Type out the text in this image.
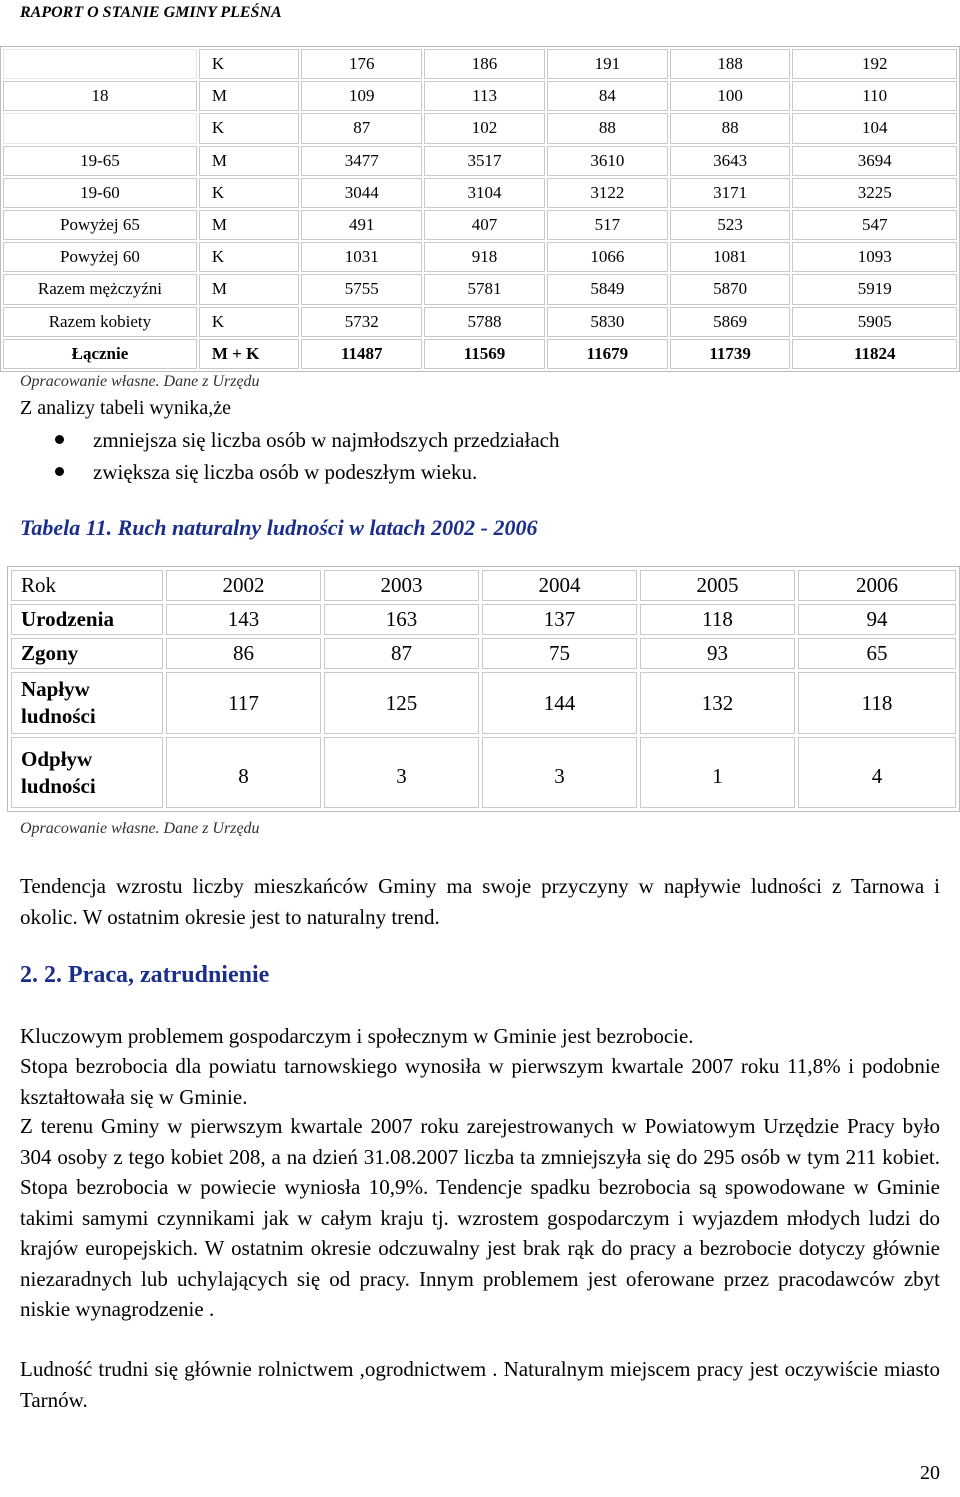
RAPORT O STANIE GMINY PLEŚNA
	K	176	186	191	188	192
18	M	109	113	84	100	110
	K	87	102	88	88	104
19-65	M	3477	3517	3610	3643	3694
19-60	K	3044	3104	3122	3171	3225
Powyżej 65	M	491	407	517	523	547
Powyżej 60	K	1031	918	1066	1081	1093
Razem mężczyźni	M	5755	5781	5849	5870	5919
Razem kobiety	K	5732	5788	5830	5869	5905
Łącznie	M + K	11487	11569	11679	11739	11824
Opracowanie własne. Dane z Urzędu
Z analizy tabeli wynika,że
zmniejsza się liczba osób w najmłodszych przedziałach
zwiększa się liczba osób w podeszłym wieku.
Tabela 11. Ruch naturalny ludności w latach 2002 - 2006
Rok	2002	2003	2004	2005	2006
Urodzenia	143	163	137	118	94
Zgony	86	87	75	93	65
Napływ ludności	117	125	144	132	118
Odpływ ludności	8	3	3	1	4
Opracowanie własne. Dane z Urzędu
Tendencja wzrostu liczby mieszkańców Gminy ma swoje przyczyny w napływie ludności z Tarnowa i okolic. W ostatnim okresie jest to naturalny trend.
2. 2. Praca, zatrudnienie
Kluczowym problemem gospodarczym i społecznym w Gminie jest bezrobocie.
Stopa bezrobocia dla powiatu tarnowskiego wynosiła w pierwszym kwartale 2007 roku 11,8% i podobnie kształtowała się w Gminie.
Z terenu Gminy w pierwszym kwartale 2007 roku zarejestrowanych w Powiatowym Urzędzie Pracy było 304 osoby z tego kobiet 208, a na dzień 31.08.2007 liczba ta zmniejszyła się do 295 osób w tym 211 kobiet. Stopa bezrobocia w powiecie wyniosła 10,9%. Tendencje spadku bezrobocia są spowodowane w Gminie takimi samymi czynnikami jak w całym kraju tj. wzrostem gospodarczym i wyjazdem młodych ludzi do krajów europejskich. W ostatnim okresie odczuwalny jest brak rąk do pracy a bezrobocie dotyczy głównie niezaradnych lub uchylających się od pracy. Innym problemem jest oferowane przez pracodawców zbyt niskie wynagrodzenie .
Ludność trudni się głównie rolnictwem ,ogrodnictwem . Naturalnym miejscem pracy jest oczywiście miasto Tarnów.
20
